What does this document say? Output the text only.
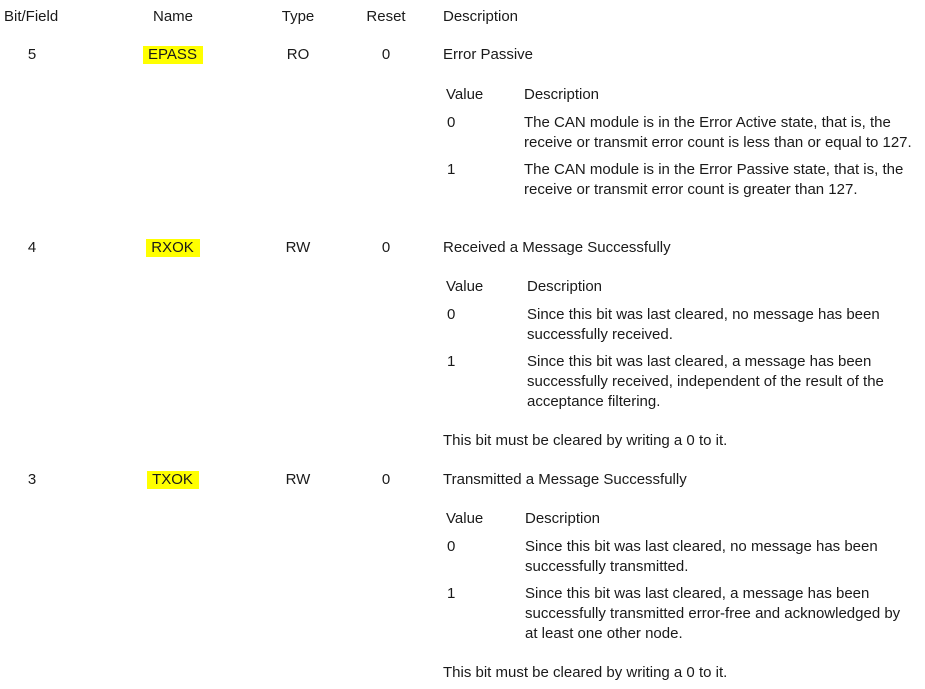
Bit/Field	Name	Type	Reset	Description
5	EPASS	RO	0	Error Passive
Value	Description
0	The CAN module is in the Error Active state, that is, the
receive or transmit error count is less than or equal to 127.
1	The CAN module is in the Error Passive state, that is, the
receive or transmit error count is greater than 127.
4	RXOK	RW	0	Received a Message Successfully
Value	Description
0	Since this bit was last cleared, no message has been
successfully received.
1	Since this bit was last cleared, a message has been
successfully received, independent of the result of the
acceptance filtering.
This bit must be cleared by writing a 0 to it.
3	TXOK	RW	0	Transmitted a Message Successfully
Value	Description
0	Since this bit was last cleared, no message has been
successfully transmitted.
1	Since this bit was last cleared, a message has been
successfully transmitted error-free and acknowledged by
at least one other node.
This bit must be cleared by writing a 0 to it.
